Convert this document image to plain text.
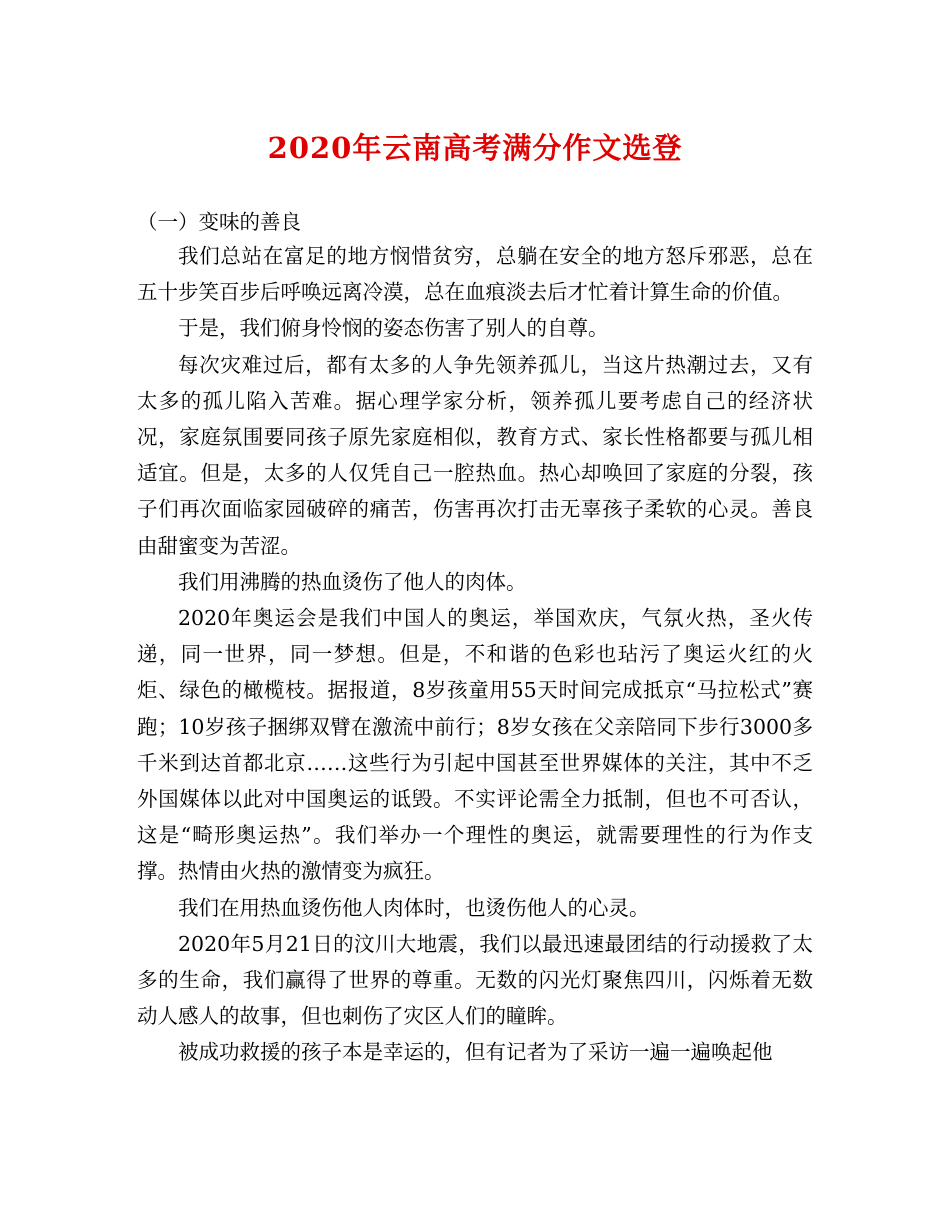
2020年云南高考满分作文选登
（一）变味的善良

我们总站在富足的地方悯惜贫穷，总躺在安全的地方怒斥邪恶，总在五十步笑百步后呼唤远离冷漠，总在血痕淡去后才忙着计算生命的价值。

于是，我们俯身怜悯的姿态伤害了别人的自尊。

每次灾难过后，都有太多的人争先领养孤儿，当这片热潮过去，又有太多的孤儿陷入苦难。据心理学家分析，领养孤儿要考虑自己的经济状况，家庭氛围要同孩子原先家庭相似，教育方式、家长性格都要与孤儿相适宜。但是，太多的人仅凭自己一腔热血。热心却唤回了家庭的分裂，孩子们再次面临家园破碎的痛苦，伤害再次打击无辜孩子柔软的心灵。善良由甜蜜变为苦涩。

我们用沸腾的热血烫伤了他人的肉体。

2020年奥运会是我们中国人的奥运，举国欢庆，气氛火热，圣火传递，同一世界，同一梦想。但是，不和谐的色彩也玷污了奥运火红的火炬、绿色的橄榄枝。据报道，8岁孩童用55天时间完成抵京“马拉松式”赛跑；10岁孩子捆绑双臂在激流中前行；8岁女孩在父亲陪同下步行3000多千米到达首都北京……这些行为引起中国甚至世界媒体的关注，其中不乏外国媒体以此对中国奥运的诋毁。不实评论需全力抵制，但也不可否认，这是“畸形奥运热”。我们举办一个理性的奥运，就需要理性的行为作支撑。热情由火热的激情变为疯狂。

我们在用热血烫伤他人肉体时，也烫伤他人的心灵。

2020年5月21日的汶川大地震，我们以最迅速最团结的行动援救了太多的生命，我们赢得了世界的尊重。无数的闪光灯聚焦四川，闪烁着无数动人感人的故事，但也刺伤了灾区人们的瞳眸。

被成功救援的孩子本是幸运的，但有记者为了采访一遍一遍唤起他
